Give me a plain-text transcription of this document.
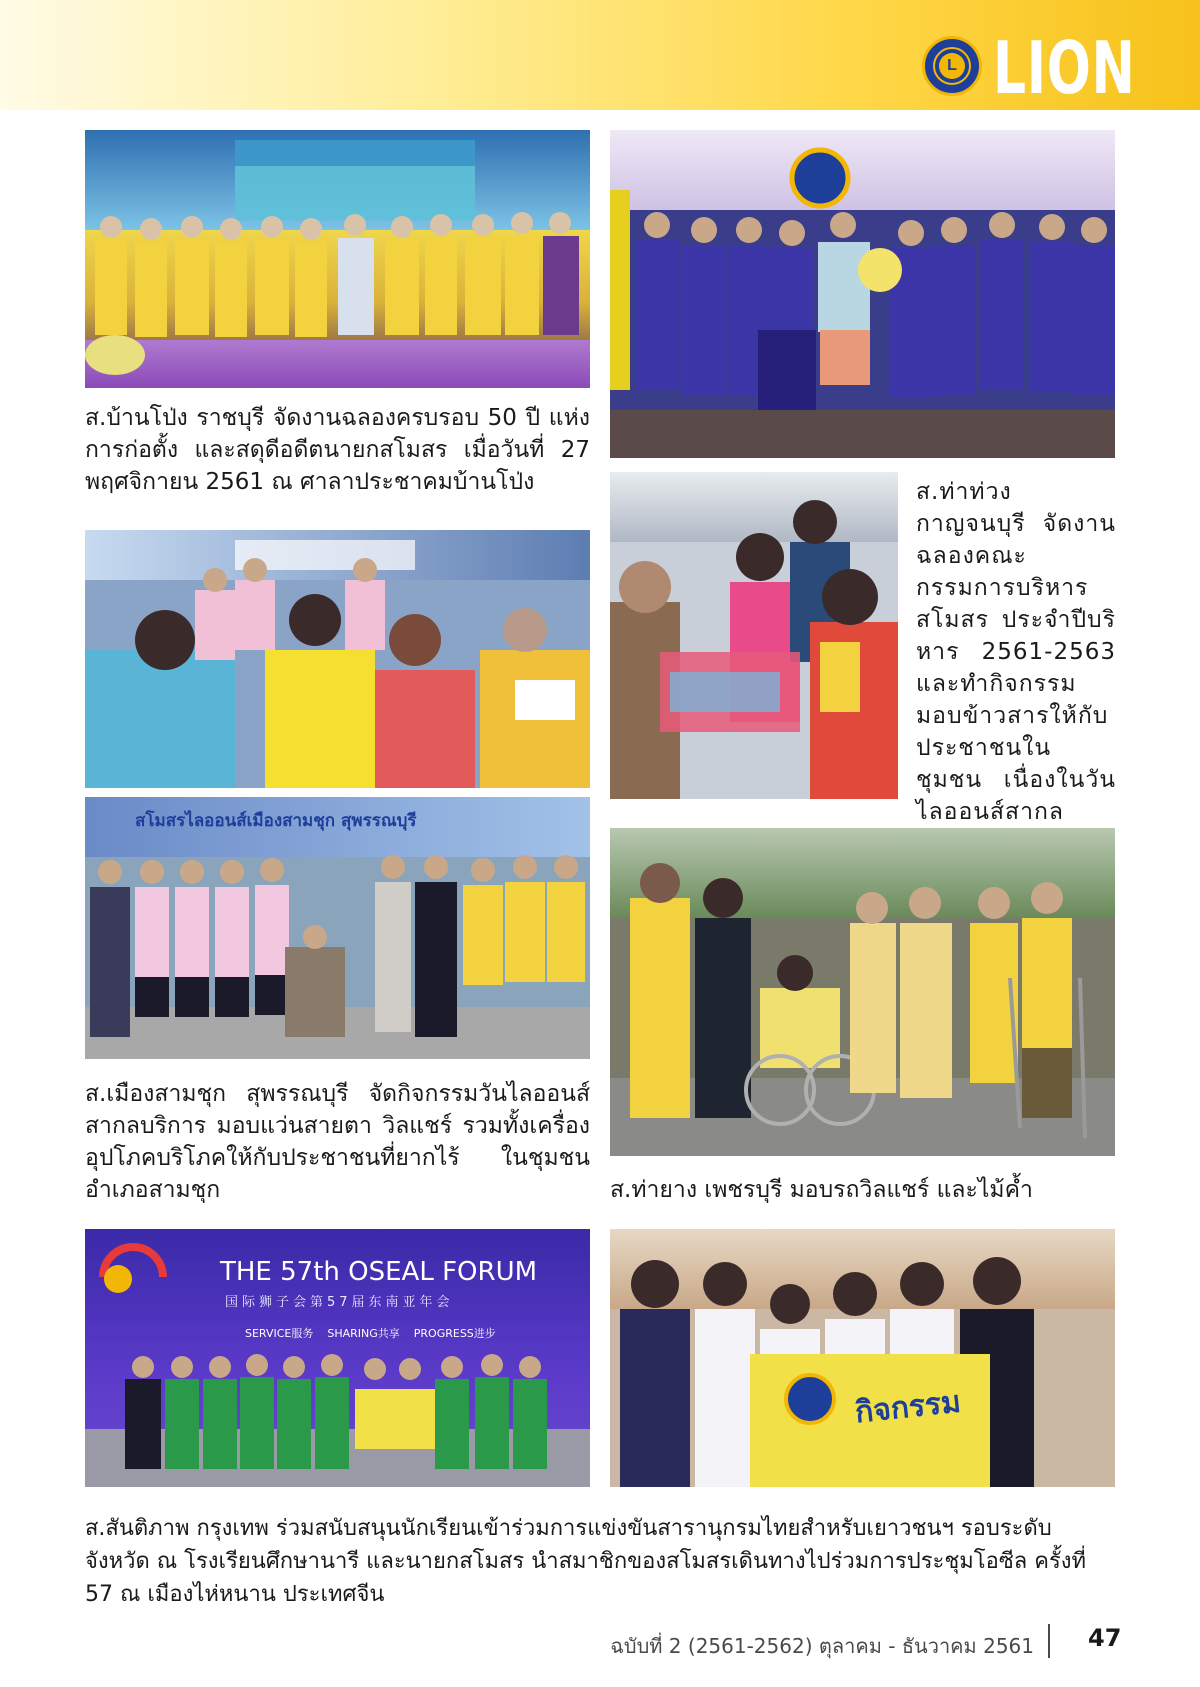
L LION
ส.บ้านโป่ง ราชบุรี จัดงานฉลองครบรอบ 50 ปี แห่งการก่อตั้ง และสดุดีอดีตนายกสโมสร เมื่อวันที่ 27 พฤศจิกายน 2561 ณ ศาลาประชาคมบ้านโป่ง	ส.ท่าท่วง กาญจนบุรี จัดงานฉลองคณะกรรมการบริหารสโมสร ประจำปีบริหาร 2561-2563 และทำกิจกรรมมอบข้าวสารให้กับประชาชนในชุมชน เนื่องในวันไลออนส์สากล
สโมสรไลออนส์เมืองสามชุก สุพรรณบุรี
ส.เมืองสามชุก สุพรรณบุรี จัดกิจกรรมวันไลออนส์สากลบริการ มอบแว่นสายตา วิลแชร์ รวมทั้งเครื่องอุปโภคบริโภคให้กับประชาชนที่ยากไร้ ในชุมชนอำเภอสามชุก	ส.ท่ายาง เพชรบุรี มอบรถวิลแชร์ และไม้ค้ำ
THE 57th OSEAL FORUM
国际狮子会第57届东南亚年会
SERVICE服务    SHARING共享    PROGRESS进步
กิจกรรม
ส.สันติภาพ กรุงเทพ ร่วมสนับสนุนนักเรียนเข้าร่วมการแข่งขันสารานุกรมไทยสำหรับเยาวชนฯ รอบระดับจังหวัด ณ โรงเรียนศึกษานารี และนายกสโมสร นำสมาชิกของสโมสรเดินทางไปร่วมการประชุมโอซีล ครั้งที่ 57 ณ เมืองไห่หนาน ประเทศจีน
ฉบับที่ 2 (2561-2562) ตุลาคม - ธันวาคม 2561 47
